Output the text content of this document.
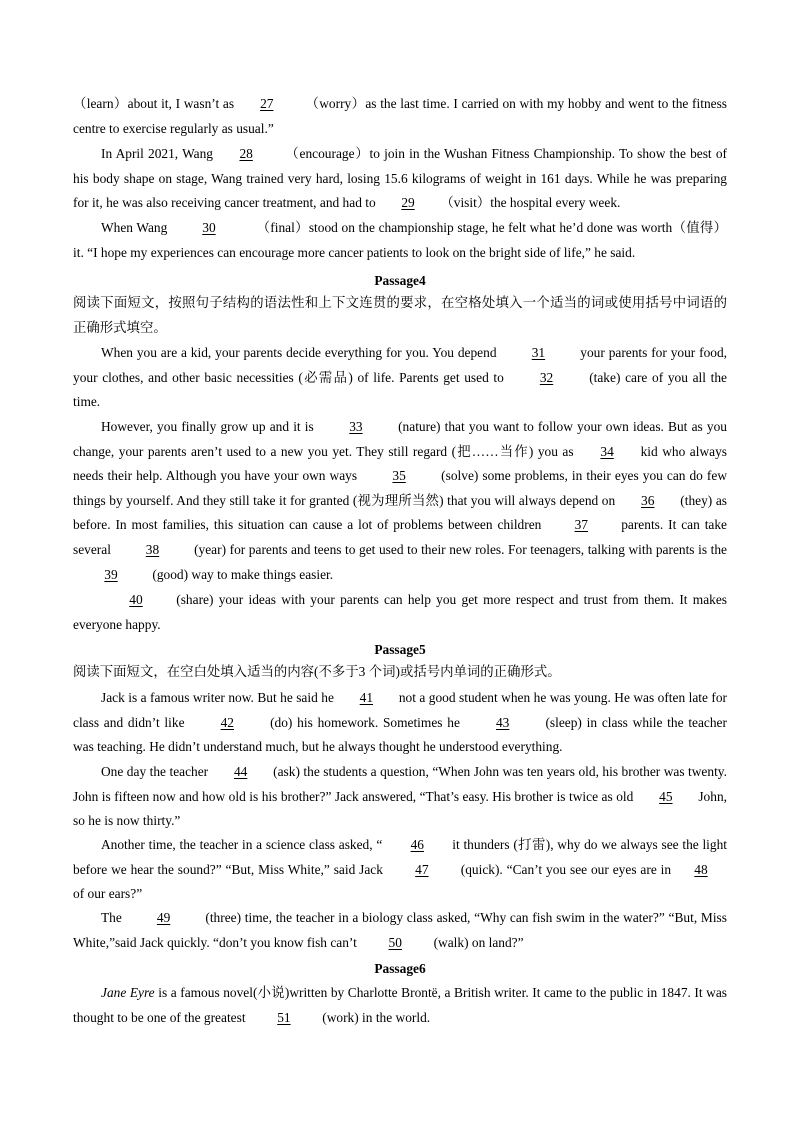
（learn）about it, I wasn’t as 27 （worry）as the last time. I carried on with my hobby and went to the fitness centre to exercise regularly as usual.”

In April 2021, Wang 28 （encourage）to join in the Wushan Fitness Championship. To show the best of his body shape on stage, Wang trained very hard, losing 15.6 kilograms of weight in 161 days. While he was preparing for it, he was also receiving cancer treatment, and had to 29 （visit）the hospital every week.

When Wang	30	（final）stood on the championship stage, he felt what he’d done was worth（值得）it. “I hope my experiences can encourage more cancer patients to look on the bright side of life,” he said.

Passage4

阅读下面短文，按照句子结构的语法性和上下文连贯的要求，在空格处填入一个适当的词或使用括号中词语的正确形式填空。

When you are a kid, your parents decide everything for you. You depend	31	your parents for your food, your clothes, and other basic necessities (必需品) of life. Parents get used to	32	(take) care of you all the time.

However, you finally grow up and it is	33	(nature) that you want to follow your own ideas. But as you change, your parents aren’t used to a new you yet. They still regard (把……当作) you as 34 kid who always needs their help. Although you have your own ways	35	(solve) some problems, in their eyes you can do few things by yourself. And they still take it for granted (视为理所当然) that you will always depend on 36 (they) as before. In most families, this situation can cause a lot of problems between children 37 parents. It can take several	38	(year) for parents and teens to get used to their new roles. For teenagers, talking with parents is the 39	(good) way to make things easier.

40	(share) your ideas with your parents can help you get more respect and trust from them. It makes everyone happy.

Passage5

阅读下面短文，在空白处填入适当的内容(不多于3 个词)或括号内单词的正确形式。

Jack is a famous writer now. But he said he 41 not a good student when he was young. He was often late for class and didn’t like	42	(do) his homework. Sometimes he	43	(sleep) in class while the teacher was teaching. He didn’t understand much, but he always thought he understood everything.

One day the teacher 44 (ask) the students a question, “When John was ten years old, his brother was twenty. John is fifteen now and how old is his brother?” Jack answered, “That’s easy. His brother is twice as old 45 John, so he is now thirty.”

Another time, the teacher in a science class asked, “ 46 it thunders (打雷), why do we always see the light before we hear the sound?” “But, Miss White,” said Jack 47 (quick). “Can’t you see our eyes are in 48of our ears?”

The	49	(three) time, the teacher in a biology class asked, “Why can fish swim in the water?” “But, Miss White,”said Jack quickly. “don’t you know fish can’t 50 (walk) on land?”

Passage6

Jane Eyre is a famous novel(小说)written by Charlotte Brontë, a British writer. It came to the public in 1847. It was thought to be one of the greatest 51 (work) in the world.
